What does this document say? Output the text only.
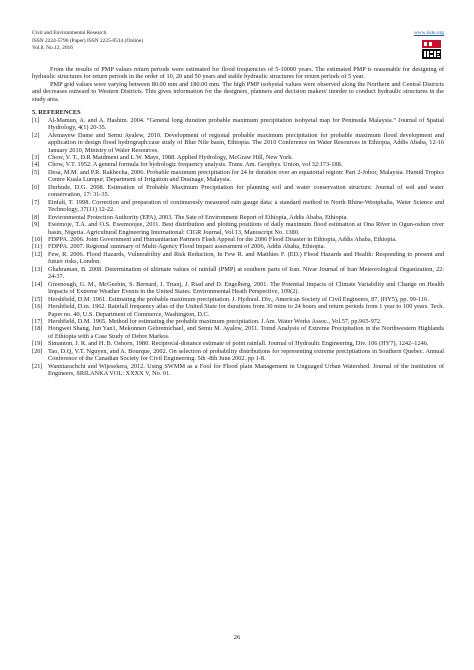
Civil and Environmental Research
ISSN 2224-5790 (Paper) ISSN 2225-0514 (Online)
Vol.8, No.12, 2016
www.iiste.org

From the results of PMP values return periods were estimated for flood frequencies of 5-10000 years. The estimated PMP is reasonable for designing of hydraulic structures for return periods in the order of 10, 20 and 50 years and stable hydraulic structures for return periods of 5 year.

PMP grid values were varying between 80.00 mm and 180.00 mm. The high PMP isohyetal values were observed along the Northern and Central Districts and decreases outward to Western Districts. This gives information for the designers, planners and decision makers' inorder to conduct hydraulic structures in the study area.

5. REFERENCES

[1] Al-Mamun, A. and A. Hashim. 2004. “General long duration probable maximum precipitation isohyetal map for Peninsula Malaysia.” Journal of Spatial Hydrology, 4(1) 20-35.
[2] Alemayew Dame and Semu Ayalew, 2010. Development of regional probable maximum precipitation for probable maximum flood development and application in design flood hydrograph:case study of Blue Nile basin, Ethiopia. The 2010 Conference on Water Resources in Ethiopia, Addis Ababa, 12-16 January 2010, Ministry of Water Resources.
[3] Chow, V. T., D.R Maidment and L.W. Mays, 1988. Applied Hydrology, McGraw Hill, New York.
[4] Chow, V.T. 1952. A general formula for hydrologic frequency analysis. Trans. Am. Geophys. Union, vol 32:173-188.
[5] Desa, M.M. and P.R. Rakhecha, 2006. Probable maximum precipitation for 24 hr duration over an equatorial region: Part 2-Johor, Malaysia. Humid Tropics Centre Kuala Lumpur, Department of Irrigation and Drainage, Malaysia.
[6] Durbude, D.G. 2008. Estimation of Probable Maximum Precipitation for planning soil and water conservation structure. Journal of soil and water conservation, 17: 31-35.
[7] Einfalt, T. 1998. Correction and preparation of continuously measured rain gauge data: a standard method in North Rhine-Westphalia, Water Science and Technology, 37(11) 12-22.
[8] Environmental Protection Authority (EPA), 2003. The Sate of Environment Report of Ethiopia, Addis Ababa, Ethiopia.
[9] Ewemoje, T.A. and O.S. Ewemoojee, 2011. Best distribution and plotting positions of daily maximum flood estimation at Ona River in Ogun-oshun river basin, Nigeria. Agricultural Engineering International: CIGR Journal, Vol.13, Manuscript No. 1380.
[10] FDPPA. 2006. Joint Government and Humanitarian Partners Flash Appeal for the 2006 Flood Disaster in Ethiopia, Addis Ababa, Ethiopia.
[11] FDPPA. 2007. Regional summary of Multi-Agency Flood Impact assessment of 2006, Addis Ababa, Ethiopia.
[12] Few, R. 2006. Flood Hazards, Vulnerability and Risk Reduction, In Few R. and Matthies F. (ED.) Flood Hazards and Health: Responding to present and future risks, London.
[13] Ghahraman, B. 2008. Determination of ultimate values of rainfall (PMP) at southern parts of Iran. Nivar Journal of Iran Meteorological Organization, 22: 24-37.
[14] Greenough, G. M., McGeehin, S. Bernard, J. Trtanj, J. Riad and D. Engelberg, 2001. The Potential Impacts of Climate Variability and Change on Health Impacts of Extreme Weather Events in the United States. Environmental Heath Perspective, 109(2).
[15] Hershfield, D.M. 1961. Estimating the probable maximum precipitation. J. Hydraul. Div., American Society of Civil Engineers, 87, (HY5), pp. 99-116.
[16] Hershfield, D.m. 1962. Rainfall frequency atlas of the United State for durations from 30 mins to 24 hours and return periods from 1 year to 100 years. Tech. Paper no. 40, U.S. Department of Commerce, Washington, D.C.
[17] Hershfield, D.M. 1965. Method for estimating the probable maximum precipitation. J.Am. Water Works Assoc., Vol.57, pp.965-972.
[18] Hongwei Shang, Jun Yan1, Mekonnen Gebremichael, and Semu M. Ayalew, 2011. Trend Analysis of Extreme Precipitation in the Northwestern Highlands of Ethiopia with a Case Study of Debre Markos.
[19] Simanton, J. R. and H. B. Osborn, 1980. Reciprocal-distance estimate of point rainfall. Journal of Hydraulic Engineering, Div. 106 (HY7), 1242–1246.
[20] Tao, D.Q, V.T. Nguyen, and A. Bourque, 2002. On selection of probability distributions for representing extreme precipitations in Southern Quebec. Annual Conference of the Canadian Society for Civil Engineering. 5th -8th June 2002. pp 1-8.
[21] Wanniarachchi and Wijesekera, 2012. Using SWMM as a Fool for Flood plain Management in Unguaged Urban Watershed. Journal of the institution of Engineers, SRILANKA VOL: XXXX V, No. 01.
26
